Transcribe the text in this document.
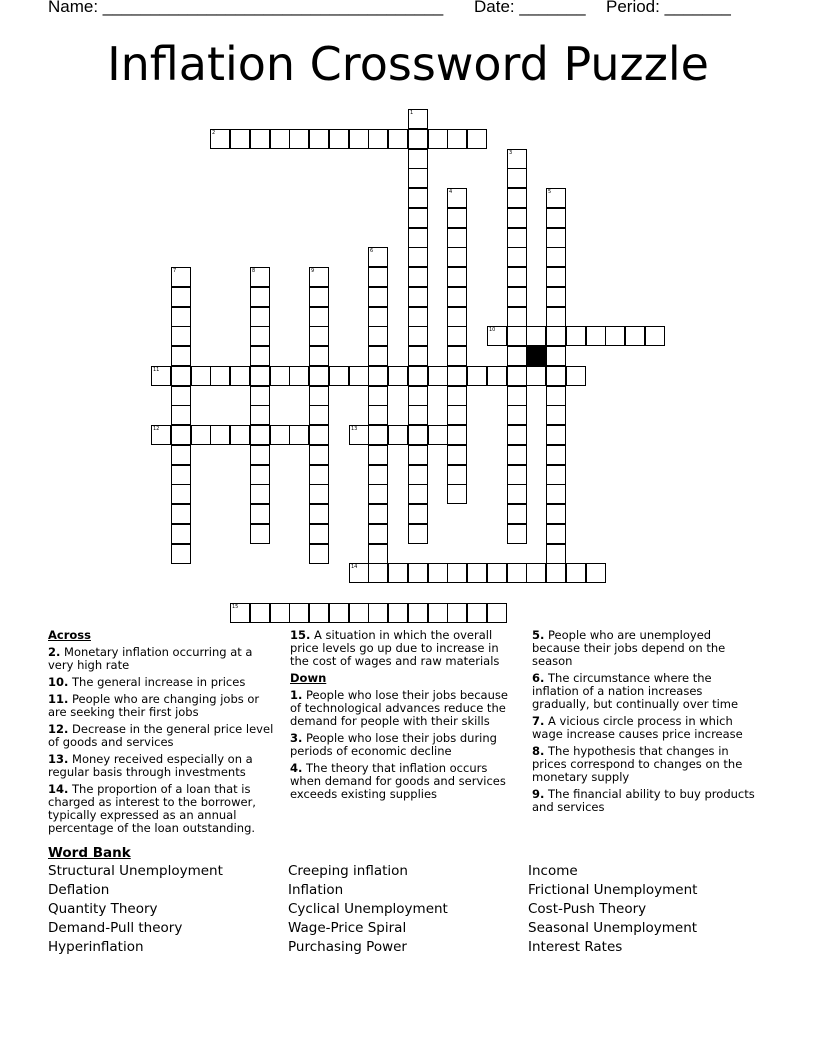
Name: ____________________________________ Date: _______ Period: _______
Inflation Crossword Puzzle
1
2
3
4	5
6
7	8	9
10
11
12	13
14
15
Across
2. Monetary inflation occurring at a very high rate
10. The general increase in prices
11. People who are changing jobs or are seeking their first jobs
12. Decrease in the general price level of goods and services
13. Money received especially on a regular basis through investments
14. The proportion of a loan that is charged as interest to the borrower, typically expressed as an annual percentage of the loan outstanding.
15. A situation in which the overall price levels go up due to increase in the cost of wages and raw materials
Down
1. People who lose their jobs because of technological advances reduce the demand for people with their skills
3. People who lose their jobs during periods of economic decline
4. The theory that inflation occurs when demand for goods and services exceeds existing supplies
5. People who are unemployed because their jobs depend on the season
6. The circumstance where the inflation of a nation increases gradually, but continually over time
7. A vicious circle process in which wage increase causes price increase
8. The hypothesis that changes in prices correspond to changes on the monetary supply
9. The financial ability to buy products and services
Word Bank
Structural Unemployment
Deflation
Quantity Theory
Demand-Pull theory
Hyperinflation
Creeping inflation
Inflation
Cyclical Unemployment
Wage-Price Spiral
Purchasing Power
Income
Frictional Unemployment
Cost-Push Theory
Seasonal Unemployment
Interest Rates
